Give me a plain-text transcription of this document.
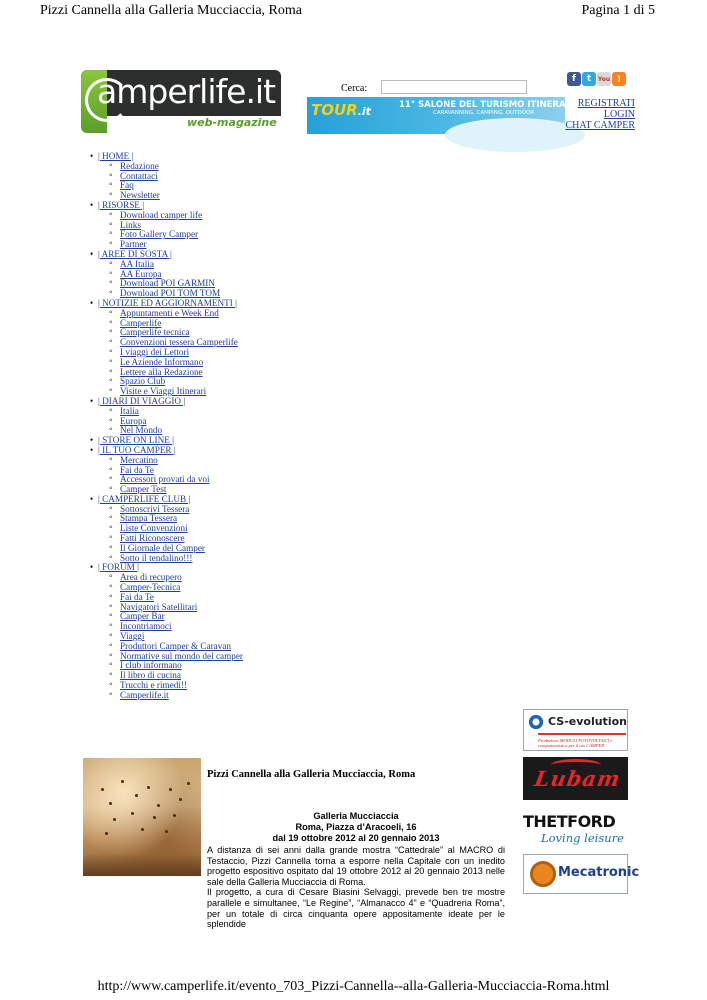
Pizzi Cannella alla Galleria Mucciaccia, Roma	Pagina 1 di 5
amperlife.it
web-magazine
Cerca:
TOUR.it	11° SALONE DEL TURISMO ITINERANTE
CARAVANNING, CAMPING, OUTDOOR
f	t	You	)
REGISTRATI
LOGIN
CHAT CAMPER
• | HOME |
◦ Redazione
◦ Contattaci
◦ Faq
◦ Newsletter
• | RISORSE |
◦ Download camper life
◦ Links
◦ Foto Gallery Camper
◦ Partner
• | AREE DI SOSTA |
◦ AA Italia
◦ AA Europa
◦ Download POI GARMIN
◦ Download POI TOM TOM
• | NOTIZIE ED AGGIORNAMENTI |
◦ Appuntamenti e Week End
◦ Camperlife
◦ Camperlife tecnica
◦ Convenzioni tessera Camperlife
◦ I viaggi dei Lettori
◦ Le Aziende Informano
◦ Lettere alla Redazione
◦ Spazio Club
◦ Visite e Viaggi Itinerari
• | DIARI DI VIAGGIO |
◦ Italia
◦ Europa
◦ Nel Mondo
• | STORE ON LINE |
• | IL TUO CAMPER |
◦ Mercatino
◦ Fai da Te
◦ Accessori provati da voi
◦ Camper Test
• | CAMPERLIFE CLUB |
◦ Sottoscrivi Tessera
◦ Stampa Tessera
◦ Liste Convenzioni
◦ Fatti Riconoscere
◦ Il Giornale del Camper
◦ Sotto il tendalino!!!
• | FORUM |
◦ Area di recupero
◦ Camper-Tecnica
◦ Fai da Te
◦ Navigatori Satellitari
◦ Camper Bar
◦ Incontriamoci
◦ Viaggi
◦ Produttori Camper & Caravan
◦ Normative sul mondo del camper
◦ I club informano
◦ Il libro di cucina
◦ Trucchi e rimedi!!
◦ Camperlife.it
Pizzi Cannella alla Galleria Mucciaccia, Roma
Galleria Mucciaccia
Roma, Piazza d’Aracoeli, 16
dal 19 ottobre 2012 al 20 gennaio 2013

A distanza di sei anni dalla grande mostra “Cattedrale” al MACRO di Testaccio, Pizzi Cannella torna a esporre nella Capitale con un inedito progetto espositivo ospitato dal 19 ottobre 2012 al 20 gennaio 2013 nelle sale della Galleria Mucciaccia di Roma.

Il progetto, a cura di Cesare Biasini Selvaggi, prevede ben tre mostre parallele e simultanee, “Le Regine”, “Almanacco 4” e “Quadreria Roma”, per un totale di circa cinquanta opere appositamente ideate per le splendide

CS-evolution
Produzione MODULI FOTOVOLTAICI e componentistica per il tuo CAMPER
Lubam
THETFORD
Loving leisure
Mecatronic
http://www.camperlife.it/evento_703_Pizzi-Cannella--alla-Galleria-Mucciaccia-Roma.html
